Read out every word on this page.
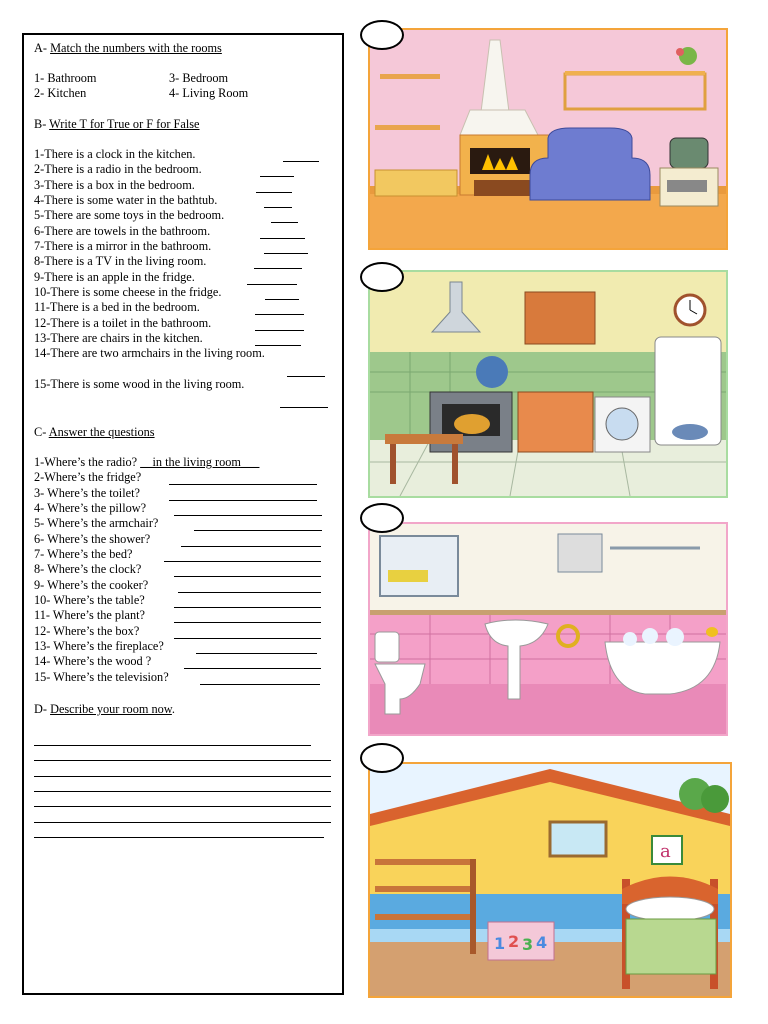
A- Match the numbers with the rooms
1- Bathroom	3- Bedroom
2- Kitchen	4- Living Room
B- Write T for True or F for False
1-There is a clock in the kitchen.
2-There is a radio in the bedroom.
3-There is a box in the bedroom.
4-There is some water in the bathtub.
5-There are some toys in the bedroom.
6-There are towels in the bathroom.
7-There is a mirror in the bathroom.
8-There is a TV in the living room.
9-There is an apple in the fridge.
10-There is some cheese in the fridge.
11-There is a bed in the bedroom.
12-There is a toilet in the bathroom.
13-There are chairs in the kitchen.
14-There are two armchairs in the living room.
15-There is some wood in the living room.
C- Answer the questions
1-Where’s the radio? __in the living room___
2-Where’s the fridge?
3- Where’s the toilet?
4- Where’s the pillow?
5- Where’s the armchair?
6- Where’s the shower?
7- Where’s the bed?
8- Where’s the clock?
9- Where’s the cooker?
10- Where’s the table?
11- Where’s the plant?
12- Where’s the box?
13- Where’s the fireplace?
14- Where’s the wood ?
15- Where’s the television?
D- Describe your room now.
a
1 2 3 4
